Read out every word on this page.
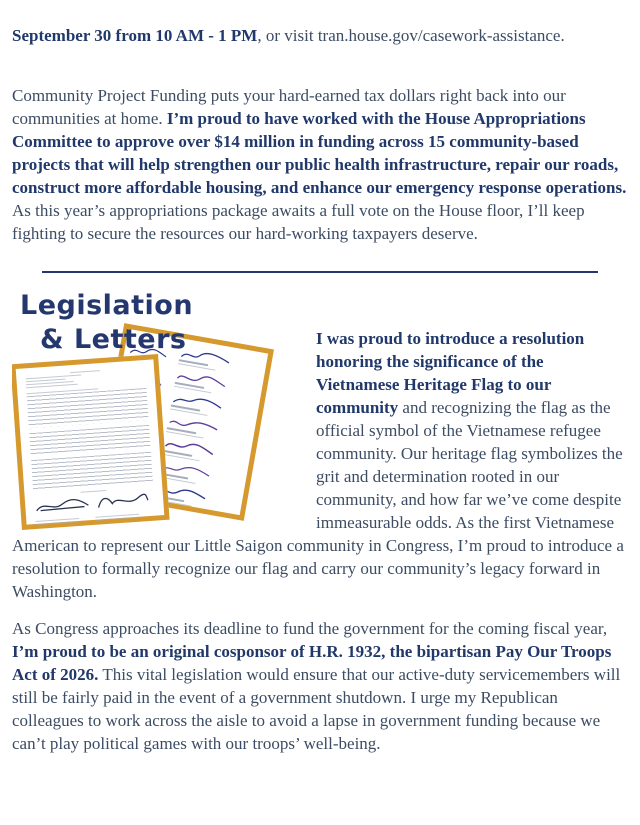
September 30 from 10 AM - 1 PM, or visit tran.house.gov/casework-assistance.

Community Project Funding puts your hard-earned tax dollars right back into our communities at home. I’m proud to have worked with the House Appropriations Committee to approve over $14 million in funding across 15 community-based projects that will help strengthen our public health infrastructure, repair our roads, construct more affordable housing, and enhance our emergency response operations. As this year’s appropriations package awaits a full vote on the House floor, I’ll keep fighting to secure the resources our hard-working taxpayers deserve.

Legislation
& Letters	I was proud to introduce a resolution honoring the significance of the Vietnamese Heritage Flag to our community and recognizing the flag as the official symbol of the Vietnamese refugee community. Our heritage flag symbolizes the grit and determination rooted in our community, and how far we’ve come despite immeasurable odds. As the first Vietnamese American to represent our Little Saigon community in Congress, I’m proud to introduce a resolution to formally recognize our flag and carry our community’s legacy forward in Washington.

As Congress approaches its deadline to fund the government for the coming fiscal year, I’m proud to be an original cosponsor of H.R. 1932, the bipartisan Pay Our Troops Act of 2026. This vital legislation would ensure that our active-duty servicemembers will still be fairly paid in the event of a government shutdown. I urge my Republican colleagues to work across the aisle to avoid a lapse in government funding because we can’t play political games with our troops’ well-being.
